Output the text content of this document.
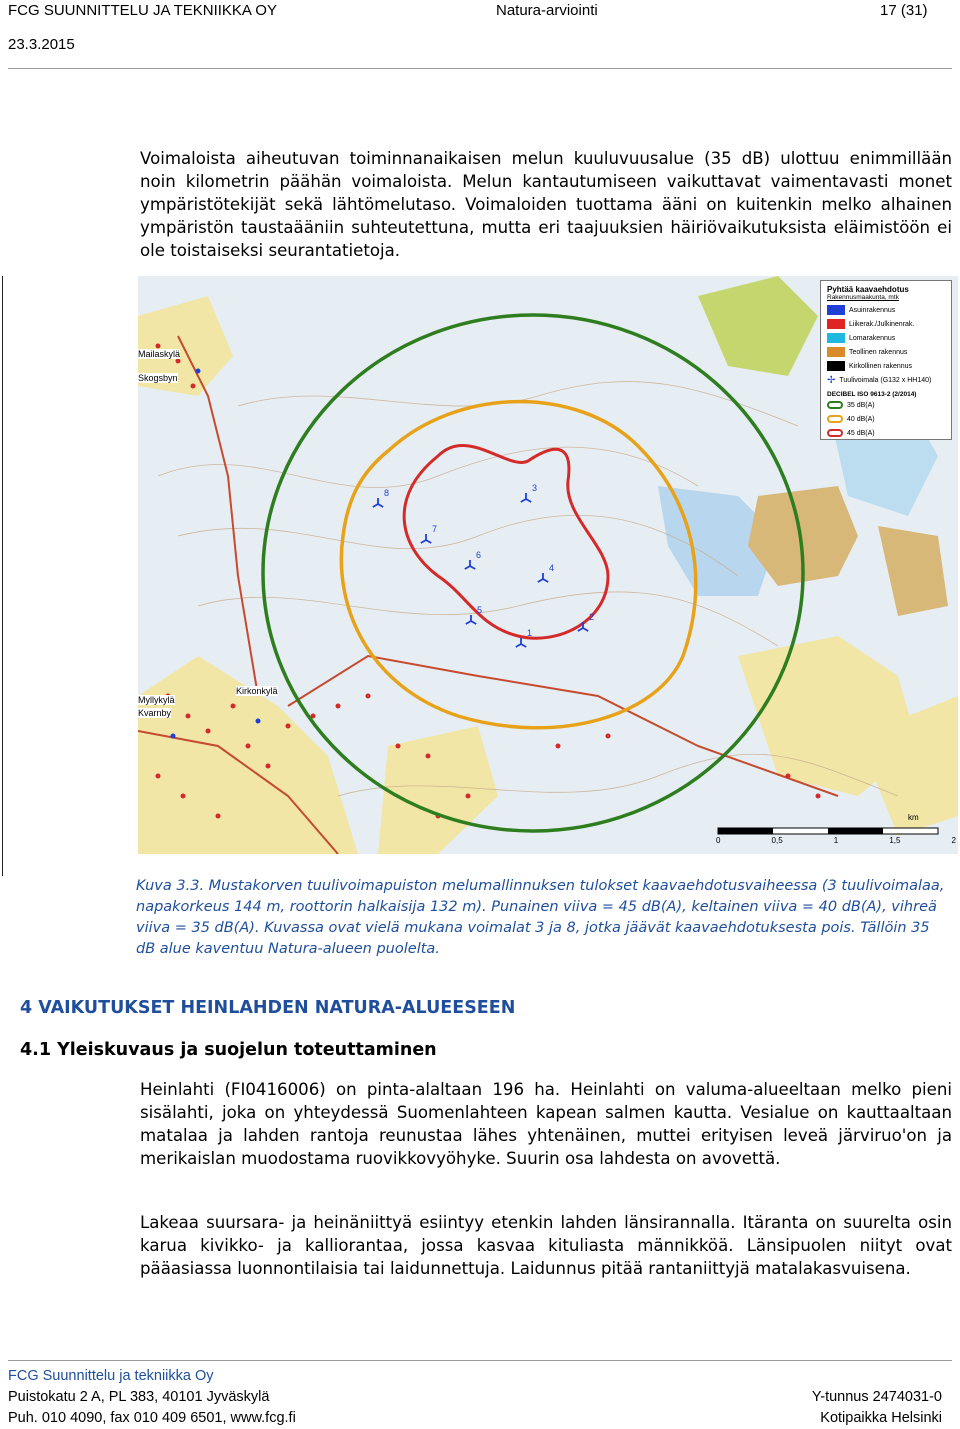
FCG SUUNNITTELU JA TEKNIIKKA OY	Natura-arviointi	17 (31)
23.3.2015

Voimaloista aiheutuvan toiminnanaikaisen melun kuuluvuusalue (35 dB) ulottuu enimmillään noin kilometrin päähän voimaloista. Melun kantautumiseen vaikuttavat vaimentavasti monet ympäristötekijät sekä lähtömelutaso. Voimaloiden tuottama ääni on kuitenkin melko alhainen ympäristön taustaääniin suhteutettuna, mutta eri taajuuksien häiriövaikutuksista eläimistöön ei ole toistaiseksi seurantatietoja.

1
2
3
4
5
6
7
8
Mailaskylä
Skogsbyn
Myllykylä
Kvarnby
Kirkonkylä
Pyhtää kaavaehdotus
Rakennusmaakunta, mtk
Asuinrakennus
Liikerak./Julkinenrak.
Lomarakennus
Teollinen rakennus
Kirkollinen rakennus
✢ Tuulivoimala (G132 x HH140)
DECIBEL ISO 9613-2 (2/2014)
35 dB(A)
40 dB(A)
45 dB(A)
km
0	0,5	1	1,5	2
Kuva 3.3. Mustakorven tuulivoimapuiston melumallinnuksen tulokset kaavaehdotusvaiheessa (3 tuulivoimalaa, napakorkeus 144 m, roottorin halkaisija 132 m). Punainen viiva = 45 dB(A), keltainen viiva = 40 dB(A), vihreä viiva = 35 dB(A). Kuvassa ovat vielä mukana voimalat 3 ja 8, jotka jäävät kaavaehdotuksesta pois. Tällöin 35 dB alue kaventuu Natura-alueen puolelta.
4 VAIKUTUKSET HEINLAHDEN NATURA-ALUEESEEN
4.1 Yleiskuvaus ja suojelun toteuttaminen
Heinlahti (FI0416006) on pinta-alaltaan 196 ha. Heinlahti on valuma-alueeltaan melko pieni sisälahti, joka on yhteydessä Suomenlahteen kapean salmen kautta. Vesialue on kauttaaltaan matalaa ja lahden rantoja reunustaa lähes yhtenäinen, muttei erityisen leveä järviruo'on ja merikaislan muodostama ruovikkovyöhyke. Suurin osa lahdesta on avovettä.
Lakeaa suursara- ja heinäniittyä esiintyy etenkin lahden länsirannalla. Itäranta on suurelta osin karua kivikko- ja kalliorantaa, jossa kasvaa kituliasta männikköä. Länsipuolen niityt ovat pääasiassa luonnontilaisia tai laidunnettuja. Laidunnus pitää rantaniittyjä matalakasvuisena.
FCG Suunnittelu ja tekniikka Oy
Puistokatu 2 A, PL 383, 40101 Jyväskylä
Puh. 010 4090, fax 010 409 6501, www.fcg.fi
Y-tunnus 2474031-0
Kotipaikka Helsinki
